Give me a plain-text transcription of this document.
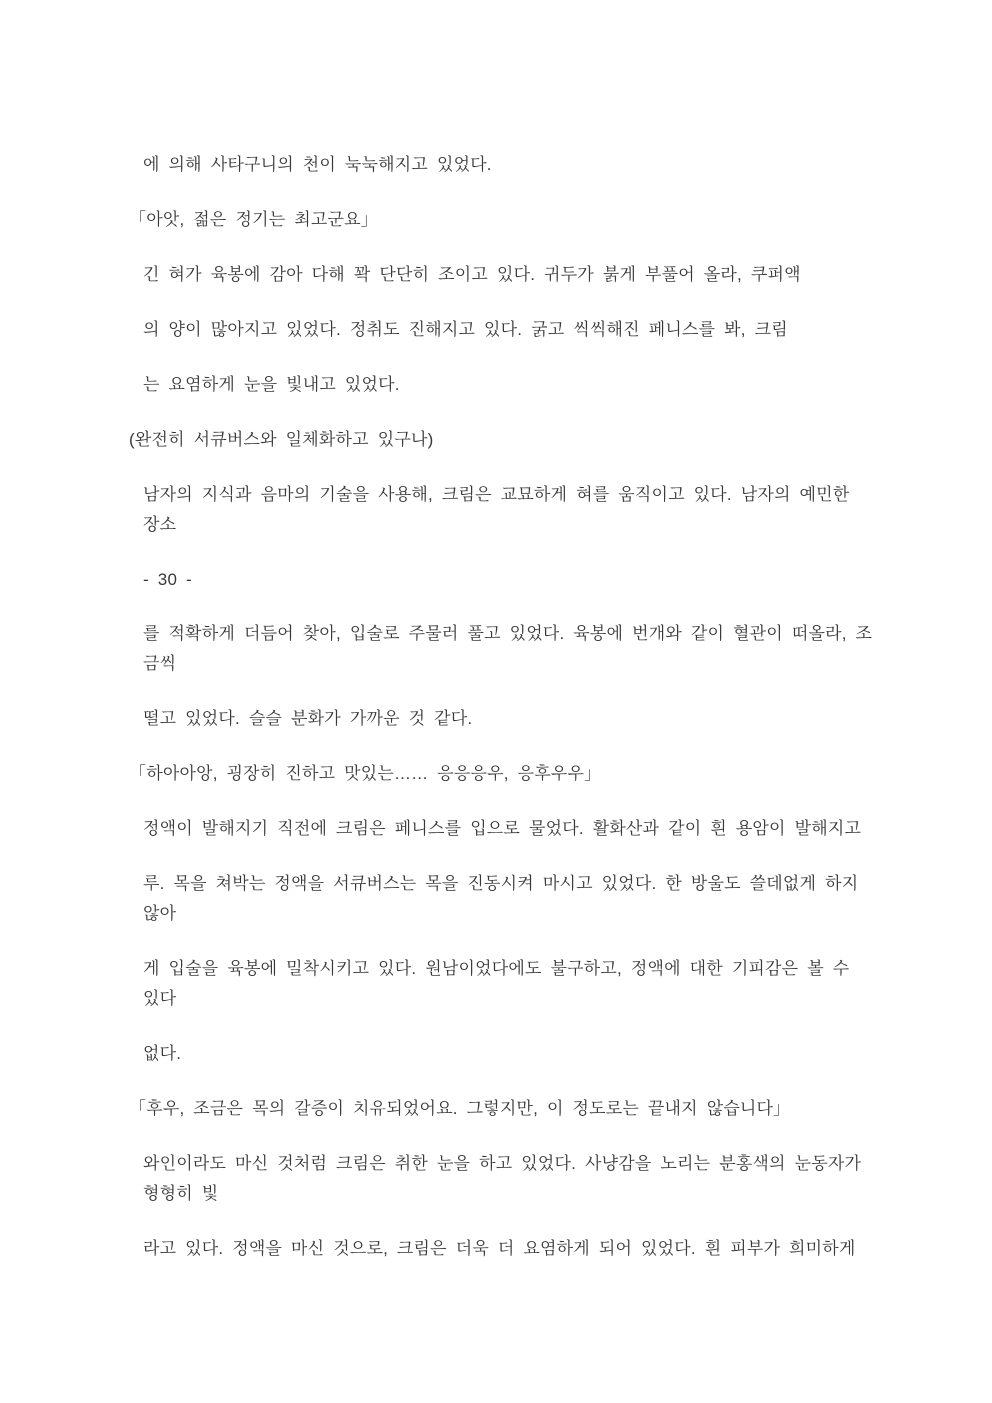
에 의해 사타구니의 천이 눅눅해지고 있었다.
「아앗, 젊은 정기는 최고군요」
긴 혀가 육봉에 감아 다해 꽉 단단히 조이고 있다. 귀두가 붉게 부풀어 올라, 쿠퍼액
의 양이 많아지고 있었다. 정취도 진해지고 있다. 굵고 씩씩해진 페니스를 봐, 크림
는 요염하게 눈을 빛내고 있었다.
(완전히 서큐버스와 일체화하고 있구나)
남자의 지식과 음마의 기술을 사용해, 크림은 교묘하게 혀를 움직이고 있다. 남자의 예민한
장소
- 30 -
를 적확하게 더듬어 찾아, 입술로 주물러 풀고 있었다. 육봉에 번개와 같이 혈관이 떠올라, 조
금씩
떨고 있었다. 슬슬 분화가 가까운 것 같다.
「하아아앙, 굉장히 진하고 맛있는…… 응응응우, 응후우우」
정액이 발해지기 직전에 크림은 페니스를 입으로 물었다. 활화산과 같이 흰 용암이 발해지고
루. 목을 쳐박는 정액을 서큐버스는 목을 진동시켜 마시고 있었다. 한 방울도 쓸데없게 하지
않아
게 입술을 육봉에 밀착시키고 있다. 원남이었다에도 불구하고, 정액에 대한 기피감은 볼 수
있다
없다.
「후우, 조금은 목의 갈증이 치유되었어요. 그렇지만, 이 정도로는 끝내지 않습니다」
와인이라도 마신 것처럼 크림은 취한 눈을 하고 있었다. 사냥감을 노리는 분홍색의 눈동자가
형형히 빛
라고 있다. 정액을 마신 것으로, 크림은 더욱 더 요염하게 되어 있었다. 흰 피부가 희미하게
